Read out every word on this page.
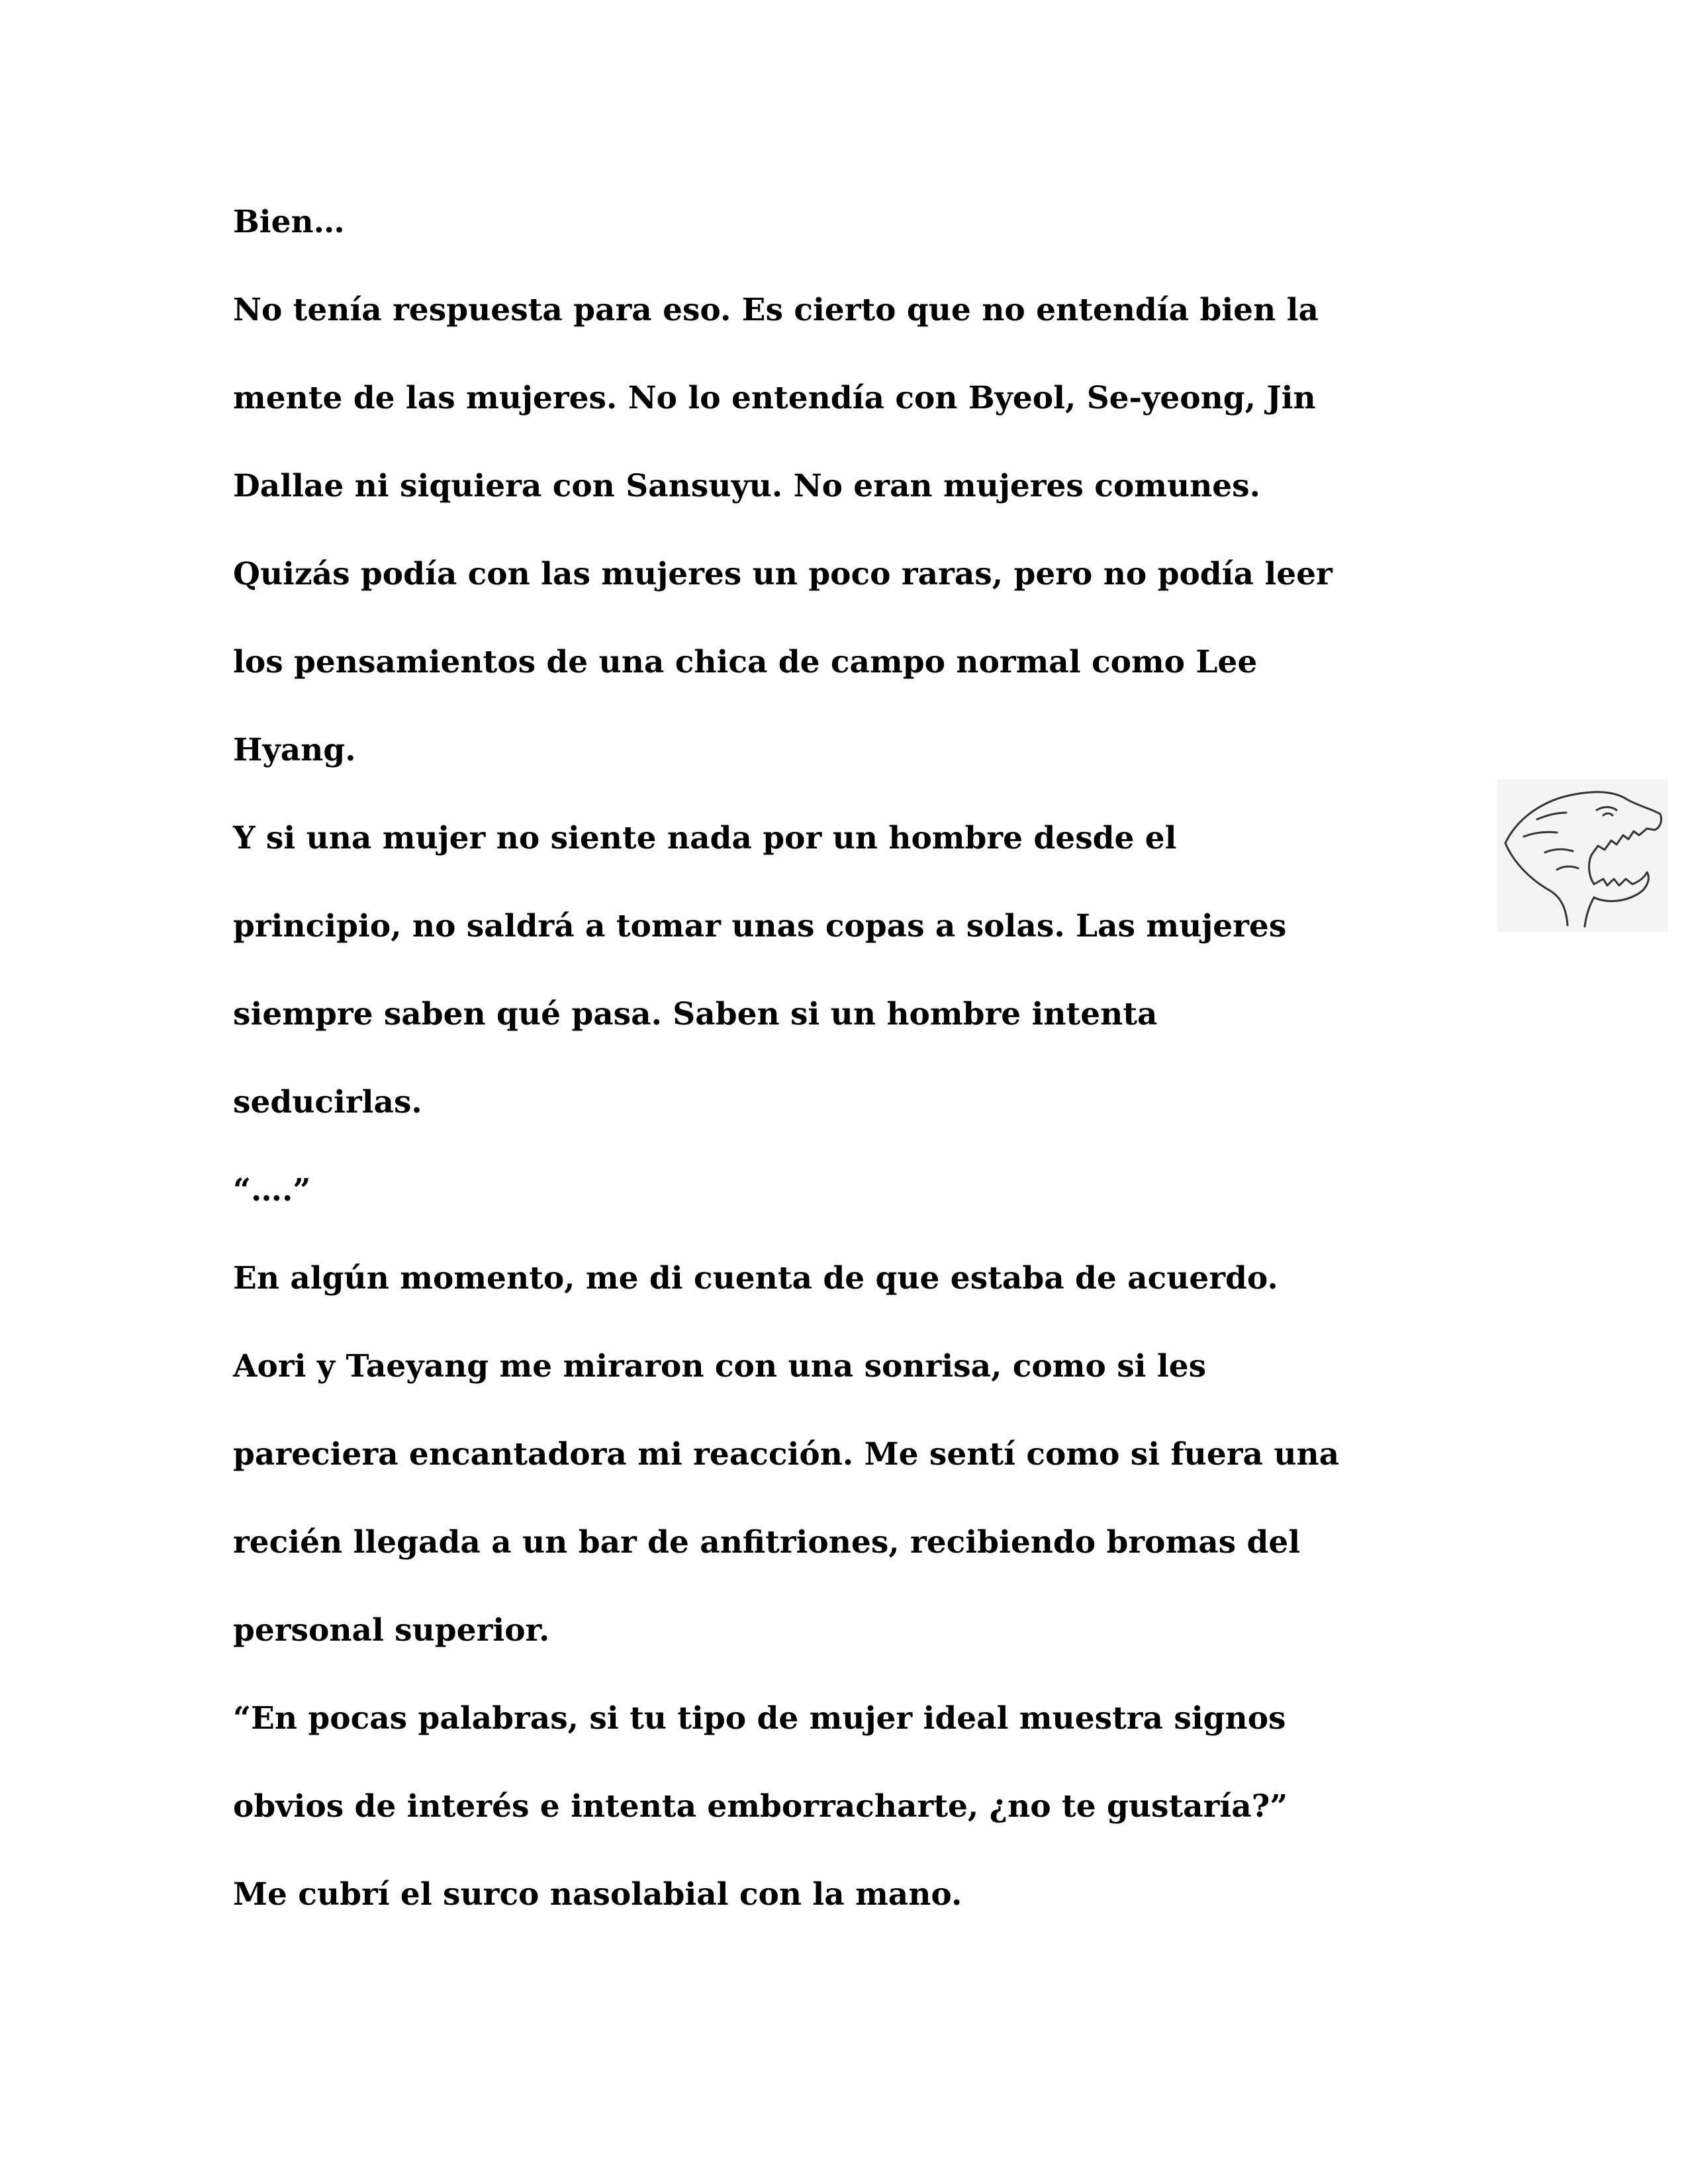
Bien…
No tenía respuesta para eso. Es cierto que no entendía bien la
mente de las mujeres. No lo entendía con Byeol, Se-yeong, Jin
Dallae ni siquiera con Sansuyu. No eran mujeres comunes.
Quizás podía con las mujeres un poco raras, pero no podía leer
los pensamientos de una chica de campo normal como Lee
Hyang.
Y si una mujer no siente nada por un hombre desde el
principio, no saldrá a tomar unas copas a solas. Las mujeres
siempre saben qué pasa. Saben si un hombre intenta
seducirlas.
“….”
En algún momento, me di cuenta de que estaba de acuerdo.
Aori y Taeyang me miraron con una sonrisa, como si les
pareciera encantadora mi reacción. Me sentí como si fuera una
recién llegada a un bar de anfitriones, recibiendo bromas del
personal superior.
“En pocas palabras, si tu tipo de mujer ideal muestra signos
obvios de interés e intenta emborracharte, ¿no te gustaría?”
Me cubrí el surco nasolabial con la mano.
